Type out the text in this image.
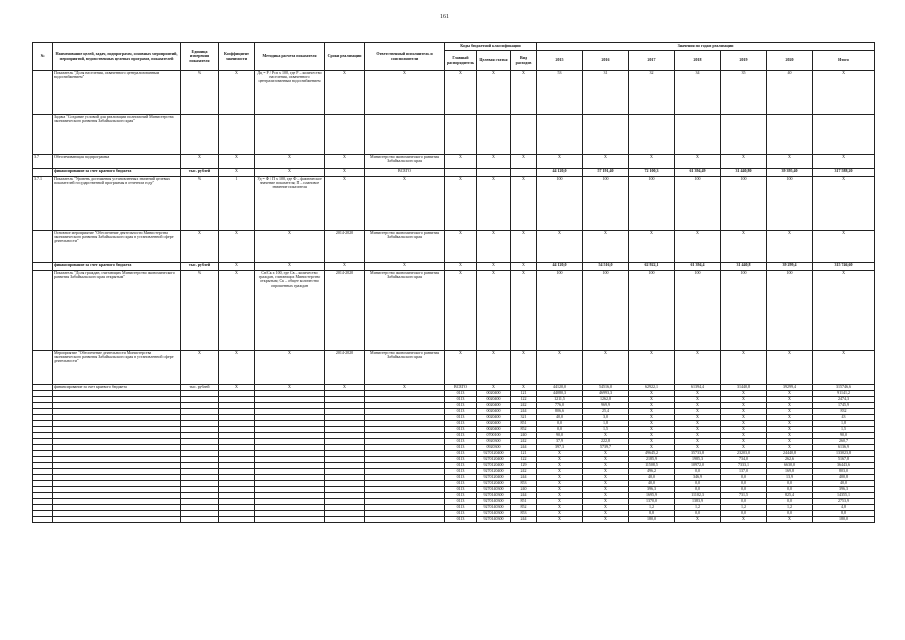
161
№	Наименование целей, задач, подпрограмм, основных мероприятий, мероприятий, ведомственных целевых программ, показателей	Единица измерения показателя	Коэффициент значимости	Методика расчета показателя	Сроки реализации	Ответственный исполнитель и соисполнители	Коды бюджетной классификации			Значения по годам реализации						
							Главный распорядитель	Целевая статья	Вид расходов	2015	2016	2017	2018	2019	2020	Итого
	Показатель "Доля населения, охваченного централизованным водоснабжением"	%	X	Дц = Р / Рсп х 100, где Р – количество населения, охваченного централизованным водоснабжением	X	X	X	X	X	53	31	32	34	35	40	X
	Задача "Создание условий для реализации полномочий Министерства экономического развития Забайкальского края"															
3.7	Обеспечивающая подпрограмма	X	X	X	X	Министерство экономического развития Забайкальского края	X	X	X	X	X	X	X	X	X	X
	финансирование за счет краевого бюджета	тыс. рублей	X	X	X	ВСЕГО				44 120,0	57 191,40	72 100,3	61 394,49	31 440,80	39 395,40	317 588,20
3.7.1	Показатель "Уровень достижения установленных значений целевых показателей государственной программы в отчетном году"	%	1	Уд = Ф / П х 100, где Ф – фактическое значение показателя; П – плановое значение показателя	X	X	X	X	X	100	100	100	100	100	100	X
	Основное мероприятие "Обеспечение деятельности Министерства экономического развития Забайкальского края в установленной сфере деятельности"	X	X	X	2014-2020	Министерство экономического развития Забайкальского края	X	X	X	X	X	X	X	X	X	X
	финансирование за счет краевого бюджета	тыс. рублей	X	X	X	X	X	X	X	44 120,0	54 516,0	62 922,1	61 394,4	31 440,8	39 299,4	315 746,60
	Показатель "Доля граждан, считающих Министерство экономического развития Забайкальского края открытым"	%	X	Св/Ск х 100, где Св – количество граждан, считающих Министерство открытым; Ск – общее количество опрошенных граждан	2014-2020	Министерство экономического развития Забайкальского края	X	X	X	100	100	100	100	100	100	X
	Мероприятие "Обеспечение деятельности Министерства экономического развития Забайкальского края в установленной сфере деятельности"	X	X	X	2014-2020	Министерство экономического развития Забайкальского края	X	X	X	X	X	X	X	X	X	X
	финансирование за счет краевого бюджета	тыс. рублей	X	X	X	X	ВСЕГО	X	X	44120,0	54516,0	62922,1	61394,4	31440,8	39299,4	315746,6
							0113	0020400	121	44080,3	46993,3	X	X	X	X	91141,2
							0113	0020400	122	1211,5	1262,8	X	X	X	X	2474,3
							0113	0020400	242	776,0	969,9	X	X	X	X	1745,9
							0113	0020400	244	806,6	25,4	X	X	X	X	832
							0113	0020400	321	40,0	3,0	X	X	X	X	43
							0113	0020400	851	0,0	1,8	X	X	X	X	1,8
							0113	0020400	852	0,0	1,5	X	X	X	X	1,5
							0113	0700100	240	90,0	X	X	X	X	X	90,0
							0113	0920300	242	37,9	222,8	X	X	X	X	260,7
							0113	0920300	244	397,3	5739,7	X	X	X	X	6136,9
							0113	9270120400	121	X	X	49645,2	35733,8	23203,0	24440,8	133023,8
							0113	9270120400	122	X	X	2185,9	1985,3	734,0	262,6	5167,8
							0113	9270120400	129	X	X	11508,5	10972,0	7333,1	6630,0	36443,6
							0113	9270120400	242	X	X	496,2	0,0	137,0	169,8	803,0
							0113	9270120400	244	X	X	40,0	346,9	0,0	13,9	400,8
							0113	9270120400	853	X	X	40,0	0,0	0,0	0,0	40,0
							0113	9270140300	240	X	X	396,3	0,0	0,0	0,0	396,3
							0113	9270140300	244	X	X	1695,9	11102,3	731,5	825,4	14355,1
							0113	9270140300	851	X	X	1370,0	1383,9	0,0	0,0	2753,9
							0113	9270140300	852	X	X	1,2	1,2	1,2	1,2	4,8
							0113	9270140300	853	X	X	8,8	0,0	0,0	0,0	8,8
							0113	9270140300	244	X	X	180,0	X	X	X	180,0
